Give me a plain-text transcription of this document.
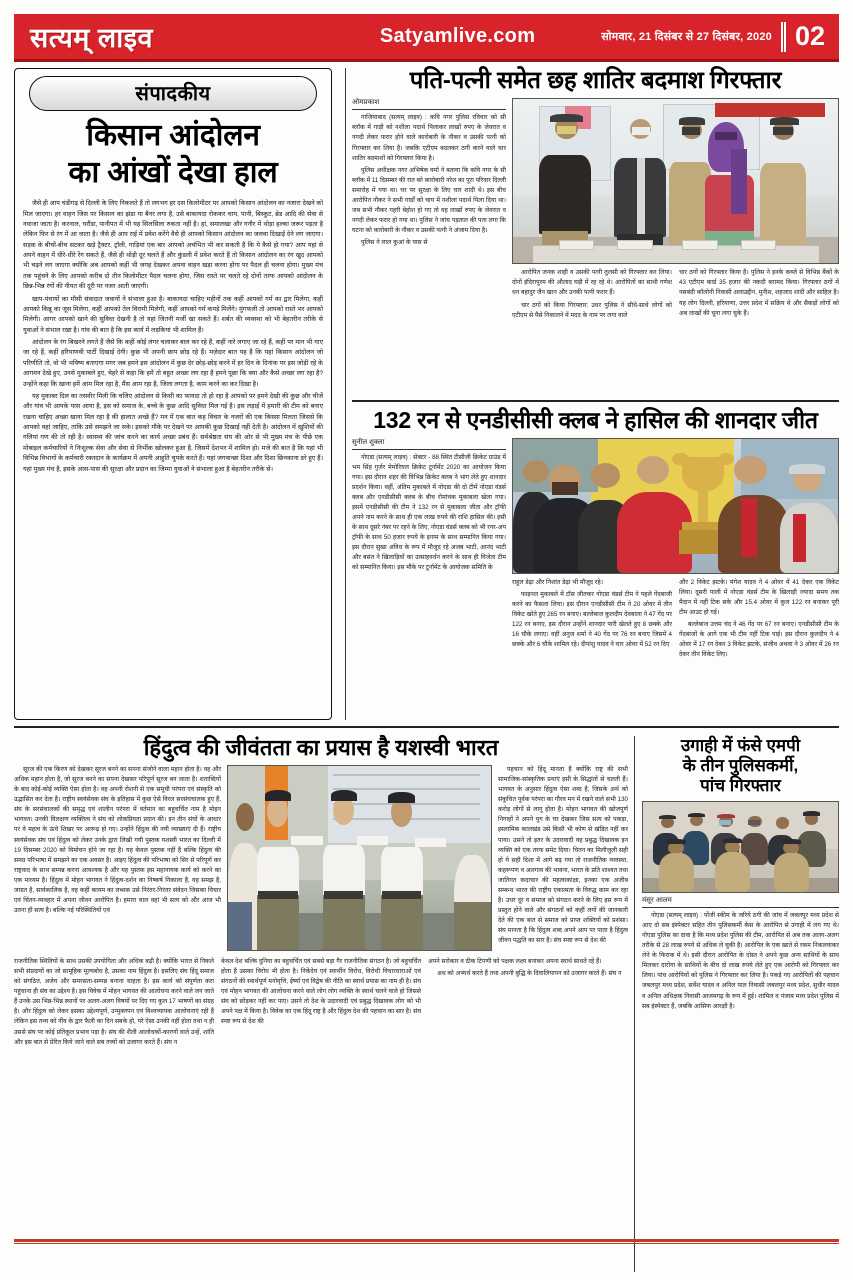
सत्यम् लाइव	Satyamlive.com	सोमवार, 21 दिसंबर से 27 दिसंबर, 2020 02
संपादकीय
किसान आंदोलन
का आंखों देखा हाल

जैसे ही आप चंडीगढ़ से दिल्ली के लिए निकलते हैं तो लगभग हर दस किलोमीटर पर आपको किसान आंदोलन का नजारा देखने को मिल जाएगा। हर वाहन जिस पर किसान का झंडा या बैनर लगा है, उसे बाकायदा रोककर चाय, पानी, बिस्कुट, ब्रेड आदि की सेवा से नवाजा जाता है। करनाल, घरौंडा, पानीपत में भी यह सिलसिला रुकता नहीं है। हां, समालखा और गनौर में थोड़ा हल्का जरूर पड़ता है लेकिन फिर से रंग में आ जाता है। जैसे ही आप राई में प्रवेश करेंगे वैसे ही आपको किसान आंदोलन का जलवा दिखाई देने लग जाएगा। सड़क के बीचों-बीच सटकर खड़े ट्रैक्टर, ट्रॉली, गाड़ियां एक बार आपको अचंभित भी कर सकती हैं कि ये कैसे हो गया? आप यहां से अपने वाहन में धीरे-धीरे रेंग सकते हैं, जैसे ही थोड़ी दूर चलते हैं और कुंडली में प्रवेश करते हैं तो किसान आंदोलन का रंग खुद आपको भी चढ़ने लग जाएगा क्योंकि अब आपको कहीं भी जगह देखकर अपना वाहन खड़ा करना होगा पर पैदल ही चलना होगा। मुख्य मंच तक पहुंचने के लिए आपको करीब दो तीन किलोमीटर पैदल चलना होगा, जिस रास्ते पर चलते रहे दोनों तरफ आपको आंदोलन के छिन्न-भिन्न रंगों की नीयत की दूरी पर नजर आती जाएगी।

खाप-पंचायों का मौसी संवादात जवानों ने संभाला हुआ है। बाकायदा चाहिए महीनों तक कहीं आपको गर्म का द्वार मिलेगा, कहीं आपको किन्नू का जूस मिलेगा, कहीं आपको तेल विरामी मिलेगी, कहीं आपको गर्म कपड़े मिलेंगे। मुंगफली तो आपको रास्ते भर आपको मिलेगी। आगर आपको खाने की सुविधा देखनी है तो यहां जितनी मर्जी खा सकते हैं। शर्बत की व्यवस्था को भी बेहतरीन तरीके से युवाओं ने संभाल रखा है। गांव की बात है कि इस कार्य में लड़कियां भी शामिल हैं।

आंदोलन के रंग बिखरने लगते हैं जैसे कि कहीं कोई लंगर चलाकर बाल कर रहे हैं, कहीं नारे लगाए जा रहे हैं, कहीं पर मान भी गाए जा रहे हैं, कहीं हरियाणवी पार्टी दिखाई देगी। कुछ भी अपनी छाप छोड़ रहे हैं। मज़ेदार बात यह है कि यहां किसान आंदोलन जो परिणीति तो, वो भी भविष्य बताएगा मगर जब हमने इस आंदोलन में कुछ देर छोड़-छोड़ करने में हर दिन के दिनांक पर इस जोड़ी रहे के आगमन देखे हुए, उनसे मुकाबले हुए, चेहरे से कहा कि हमें तो बहुत अच्छा लग रहा है हमने पूछा कि क्या और कैसे अच्छा लग रहा है? उन्होंने कहा कि खाना हमें आम मिल रहा है, मैंस आम रहा है, जिला लगता है, काम करने का कर दिखा है।

यह मुकाबर दिल का तसवीर मिली कि चलिए आंदोलन से किसी का फायदा तो हो रहा है आपको पर हमने देखी की कुछ और चीजें और गांव भी आपके पास आया है, इस को समाज के, बच्चे के कुछ आदि सुविधा मिल गई है। इस लड़ाई में हमारी की टीम को बनाए रखना चाहिए अच्छा खाना मिल रहा है की हालात अच्छे हैं? मन में एक बात कह विचार के नजरों की एक किस्सा मिलता जिससे कि आपको वहां जाहिए, ताकि उसे समझने जा सके। इसको मौके पर देखने पर आपकी कुछ दिखाई नहीं देती है। आंदोलन में खुशियों की गलियां गण की तो रही है। स्वास्थ्य की जांच करने का कार्य अच्छा प्रबंध हैं। सर्वश्रेष्ठता संघ की ओर से भी मुख्य मंच के पीछे एक मोबाइल कर्मचारियों ने निःशुल्क सेवा और सेवा से निर्भीक खोलकर हुआ है, जिसमें देशभर में शामिल हो। मजे की बात है कि यहां भी विभिन्न विभागों के कर्मचारी रक्तदान के कार्यक्रम में अपनी आहुति चुपके करते हैं। यहां जगवान्छा दिशा और दिशा छिनकाना डरे हुए हैं। यहां मुख्य मंच है, इसके आस-पास की सुरक्षा और प्रदान का जिम्मा युवाओं ने संभाला हुआ है बेहतरीन तरीके से।

पति-पत्नी समेत छह शातिर बदमाश गिरफ्तार
ओमप्रकाश

गाजियाबाद (सत्यम् लाइव) : कवि नगर पुलिस रविवार को सी ब्लॉक में गाड़ी को नशीला पदार्थ पिलाकर लाखों रुपए के जेवरात व नगदी लेकर फरार होने वाले कारोबारी के नौकर व उसकी पत्नी को गिरफ्तार कर लिया है। जबकि एटीएम बदलकर ठगी करने वाले चार शातिर बदमाशों को गिरफ्तार किया है।

पुलिस अधीक्षक नगर अभिषेक वर्मा ने बताया कि कवि नगर के सी ब्लॉक में 11 दिसम्बर की रात को कारोबारी नरेश का पूरा परिवार दिल्ली समारोह में गया था। घर पर सुरक्षा के लिए चार शादी थे। इस बीच आरोपित नौकर ने सभी गार्डों को चाय में नशीला पदार्थ पिला दिया था। जब सभी नौकर गहरी बेहोश हो गए तो वह लाखों रुपए के जेवरात व नगदी लेकर फरार हो गया था। पुलिस ने जांच पड़ताल की पता लगा कि घटना को कारोबारी के नौकर व उसकी पत्नी ने अंजाम दिया है।

पुलिस ने लाल कुआं के पास से

आरोपित जनक शाही व उसकी पत्नी तुलसी को गिरफ्तार कर लिया। दोनों इंदिरापुरम की औलाद घड़ी में रह रहे थे। आरोपितों का साथी गणेश धन बहादुर जैन खान और उनकी पत्नी फरार हैं।

चार ठगों को किया गिरफ्तार: उधर पुलिस ने सीधे-साधे लोगों को एटीएम से पैसे निकालने में मदद के नाम पर लगा वाले

चार ठगों को गिरफ्तार किया है। पुलिस ने इनके कब्जे से विभिन्न बैंकों के 43 एटीएम कार्ड 35 हजार की नकदी बरामद किया। गिरफ्तार ठगों में नसबंदी कॉलोनी निवासी अलाउद्दीन, मुनीश, शहजाद शादी और साहिल है। यह लोग दिल्ली, हरियाणा, उत्तर प्रदेश में सक्रिय थे और सैकड़ों लोगों को अब लाखों की चूना लगा चुके हैं।

132 रन से एनडीसीसी क्लब ने हासिल की शानदार जीत
सुनील शुक्ला

नोएडा (सत्यम् लाइव) : सेक्टर - 88 स्थित टीसीजी क्रिकेट ग्राउंड में भम सिंह गुर्जर मेमोरियल क्रिकेट टूर्नामेंट 2020 का आयोजन किया गया। इस दौरान शहर की विभिन्न क्रिकेट क्लब ने भाग लेते हुए शानदार प्रदर्शन किया। वहीं, अंतिम मुकाबले में नोएडा की दो टीमें नोएडा वंडर्स क्लब और एनडीसीसी क्लब के बीच रोमांचक मुकाबला खेला गया। इसमें एनडीसीसी की टीम ने 132 रन से मुकाबला जीता और ट्रॉफी अपने नाम करने के साथ ही एक लाख रुपये की राशि हासिल की। इसी के साथ दूसरे नंबर पर रहने के लिए, नोएडा वंडर्स क्लब को भी रनर-अप ट्रॉफी के साथ 50 हजार रुपये के इनाम के साथ सम्मानित किया गया। इस दौरान सुखा अविध के रूप में मौजूद रहे अजब भाटी, आनंद भाटी और बसंत ने खिलाड़ियों का उत्साहवर्धन करने के साथ ही विजेता टीम को सम्मानित किया। इस मौके पर टूर्नामेंट के आयोजक समिति के

राहुल डेढ़ा और निशांत डेढ़ा भी मौजूद रहे।

फाइनल मुकाबले में टॉस जीतकर नोएडा वंडर्स टीम ने पहले गेंदबाजी करने का फैसला लिया। इस दौरान एनडीसीसी टीम ने 20 ओवर में तीन विकेट खोते हुए 265 रन बनाए। बल्लेबाज कुलदीप देवबाला ने 47 गेंद पर 122 रन बनाए, इस दौरान उन्होंने शानदार पारी खेलते हुए 8 छक्के और 16 चौके लगाए। वहीं अनुज शर्मा ने 40 गेंद पर 76 रन बनाए जिसमें 4 छक्के और 6 चौके शामिल रहे। दीपांशु यादव ने चार ओवर में 52 रन दिए

और 2 विकेट झटके। मंगेश यादव ने 4 ओवर में 41 देकर एक विकेट लिया। दूसरी पाली में नोएडा वंडर्स टीम के खिलाड़ी ज्यादा समय तक मैदान में नहीं टिक सके और 15.4 ओवर में कुल 122 रन बनाकर पूरी टीम आउट हो गई।

बल्लेबाज उत्तम चंद ने 46 गेंद पर 67 रन बनाए। एनडीसीसी टीम के गेंदबाजों के आगे एक भी टीम नहीं टिक पाई। इस दौरान कुलदीप ने 4 ओवर में 17 रन देकर 3 विकेट झटके, संजीव अथवा ने 3 ओवर में 26 रन देकर तीन विकेट लिए।

हिंदुत्व की जीवंतता का प्रयास है यशस्वी भारत

सूरज की एक किरण को देखकर सूरज बनने का सपना संजोने वाला महान होता है। वह और अधिक महान होता है, जो सूरज बनने का सपना देखकर परिपूर्ण सूरज बन जाता है। शताब्दियों के बाद कोई-कोई व्यक्ति ऐसा होता है। वह अपनी रोशनी से एक समूची परंपरा एवं संस्कृति को उद्भासित कर देता है। राष्ट्रीय स्वयंसेवक संघ के इतिहास में कुछ ऐसे विरल सरसंघचालक हुए हैं, संघ के सरसंचालकों की समृद्ध एवं शालीन परंपरा में वर्तमान का बहुचर्चित नाम है मोहन भागवत। उनकी विलक्षण व्यक्तित्व ने संघ को लोकप्रियता प्रदान की। इन तीन संघों के आधार पर वे महत्व के ऊंचे शिखर पर आरूढ़ हो गए। उन्होंने हिंदुत्व की नयी व्याख्याएं दी हैं। राष्ट्रीय स्वयंसेवक संघ एवं हिंदुत्व को लेकर उनके द्वारा लिखी गयी पुस्तक यशस्वी भारत का दिल्ली में 19 दिसम्बर 2020 को विमोचन होने जा रहा है। यह केवल पुस्तक नहीं है बल्कि हिंदुत्व की समग्र परिभाषा में समझने का एक अवसर है। आइए हिंदुत्व की परिभाषा को सिर से परिपूर्ण कर राष्ट्रवाद के साथ सम्पन्न करना आवश्यक है और यह पुस्तक इस महानायक कार्य को करने का एक माध्यम है। हिंदुत्व में मोहन भागवत ने हिंदुत्व-दर्शन का निष्कर्ष निकाला है, वह समझ है, जाग्रत है, सार्वकालिक है, वह कहीं कायम का लब्धक उसे निरंतर-निरंतर संवेदन जिसका विचार एवं चिंतन-व्यवहार में अपना जीवन आरोपित है। हमारा चाल वहां भी सत्य को और आज भी उतना ही सत्य है। बल्कि नई परिस्थितियों एवं

पहचान को हिंदू मानता है क्योंकि राष्ट्र की सभी सामाजिक-सांस्कृतिक प्रथाएं इसी के सिद्धांतों से चलती हैं। भागवत के अनुसार हिंदुत्व ऐसा शब्द है, जिसके अर्थ को संकुचित पूर्वक परंपरा का गौरव मन में रखने वाले सभी 130 करोड़ लोगों से लागू होता है। मोहन भागवत की खोजपूर्ण निगाहों ने अपने युग के घर देखकर जिस सत्य को पकड़ा, इस्लामिक कालखंड उसे किसी भी कोण से खंडित नहीं कर पाया। उसने तो इतर के उदारवादी वह प्रबुद्ध दिखावक इन व्यक्ति को एक तरफ समेट दिया। चितन का मिलीजुली सही हो ये सही दिशा में आगे बढ़ गया तो राजनीतिक व्यवस्था, कहरूपण व अलगाव की भावना, भारत के प्रति शाश्वत तथा जातिगत कदाचार की महत्वाकांक्षा, इनका एक अजीब सम्बन्ध भारत की राष्ट्रीय एकात्मता के विरुद्ध काम कर रहा है। उधर दूर व समाज को संगठन करने के लिए इस रूप में प्रस्तुत होने वाले और संगठनों को कहीं लगों की जानकारी देते की एक बात से समाज को प्राप्त शक्तियों को प्रशंसा। संघ मानता है कि हिंदुत्व शब्द अपने आप पर पाता है हिंदुत्व जीवन पद्धति का सार है। संघ स्पष्ट रूप से देश की

राजनीतिक स्थितियों के साथ उसकी उपयोगिता और अधिक बढ़ी है। क्योंकि भारत से निकले सभी संप्रदायों का जो सामूहिक मूल्यबोध है, उसका नाम हिंदुत्व है। इसलिए संघ हिंदू समाज को संगठित, अजेय और समरसता-सम्पन्न बनाना चाहता है। इस कार्य को संपूर्णता करा पहुंचाना ही संघ का उद्देश्य है। इस विवेक में मोहन भागवत की आलोचना करने वाले जन जाते हैं उनके उस भिन्न-भिन्न स्थानों पर अलग-अलग विषयों पर दिए गए कुल 17 भाषणों का संग्रह है। और हिंदुत्व को लेकर इसका उद्देश्यपूर्ण, उन्मुक्तपन एवं विश्वव्यापक आलोचनाएं रही हैं लेकिन इस तथ्य को नींव के द्वार फैली का दिन सबके हो, परे ऐसा उनकी नहीं होता तथा न ही उससे संघ पर कोई प्रतिकूल प्रभाव पड़ा है। संघ की शैली आलोचकों-कारणों वाले उन्हें, शांति और इस बात से प्रेरित किये जाने वाले सब तत्त्वों को उजागर करते हैं। संघ न

केवल देश बल्कि दुनिया का बहुचर्चित एवं सबसे बड़ा गैर राजनीतिक संगठन है। जो बहुचर्चित होता है उसका विरोध भी होता है। निकेंदेय एवं स्वार्थीन विरोध, विरोधी विचारधाराओं एवं संगठनों की स्वार्थपूर्ण मनोवृत्ति, ईर्ष्या एवं विद्वेष की नीति का स्वार्थ प्रयास का नाम ही है। संघ एवं मोहन भागवत की आलोचना करने वाले लोग लोग व्यक्ति के स्वार्थ चलने वाले हो जिससे संघ को छोड़कर नहीं कर पाए। उसने तो देश के उदारवादी एवं प्रबुद्ध दिखावक लोग को भी अपने पक्ष में किया है। विवेक का एक हिंदू राष्ट्र है और हिंदुत्व देश की पहचान का सार है। संघ स्पष्ट रूप से देश की

अपने सरोकार व ठीक टिपणी को पक्षक लक्ष्य बनाकर अपना स्वार्थ साधते रहे हैं।

अथ को अभ्यर्थ करते हैं तथा अपनी बुद्धि के दिवालियापन को उजागर करते हैं। संघ न

उगाही में फंसे एमपी
के तीन पुलिसकर्मी,
पांच गिरफ्तार
मंसूर आलम

नोएडा (सत्यम् लाइव) : पोंजी स्कीम के जरिये ठगी की जांच में जबलपुर मध्य प्रदेश से आए दो सब इंस्पेक्टर सहित तीन पुलिसकर्मी केस के आरोपित से उगाही में लग गए थे। नोएडा पुलिस का दावा है कि मध्य प्रदेश पुलिस की टीम, आरोपित से अब तक अलग-अलग तरीके से 28 लाख रुपये से अधिक ले चुकी है। आरोपित के एक खाते से रकम निकलवाकर लेने के फिराक में थे। इसी दौरान आरोपित के दोस्त ने अपने कुछ अन्य साथियों के साथ मिलकर दारोगा के साथियों के बीच दो लाख रुपये लेते हुए एक आरोपी को गिरफ्तार कर लिया। पांच आरोपियों को पुलिस ने गिरफ्तार कर लिया है। पकड़े गए आरोपितों की पहचान जबलपुर मध्य प्रदेश, सर्वेश यादव व अनिल पाल निवासी जबलपुर मध्य प्रदेश, सुधीर यादव व अनिल अधिक्षक निवासी आजमगढ़ के रूप में हुई। शामिल व पंजाब मध्य प्रदेश पुलिस में सब इंस्पेक्टर हैं, जबकि आसिफ आरक्षी है।
